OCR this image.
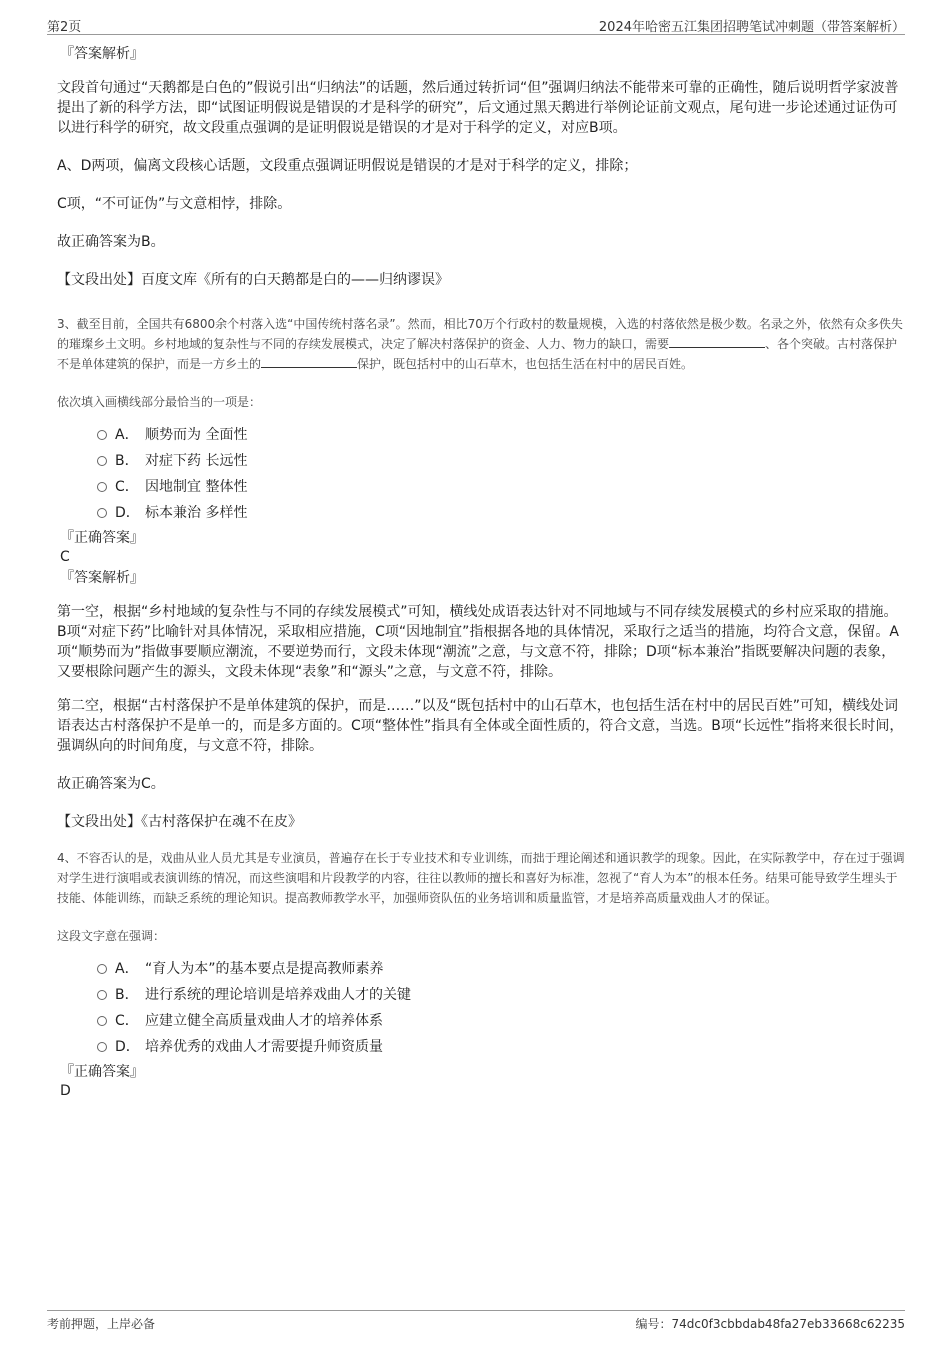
第2页	2024年哈密五江集团招聘笔试冲刺题（带答案解析）

『答案解析』

文段首句通过“天鹅都是白色的”假说引出“归纳法”的话题，然后通过转折词“但”强调归纳法不能带来可靠的正确性，随后说明哲学家波普提出了新的科学方法，即“试图证明假说是错误的才是科学的研究”，后文通过黑天鹅进行举例论证前文观点，尾句进一步论述通过证伪可以进行科学的研究，故文段重点强调的是证明假说是错误的才是对于科学的定义，对应B项。

A、D两项，偏离文段核心话题，文段重点强调证明假说是错误的才是对于科学的定义，排除；

C项，“不可证伪”与文意相悖，排除。

故正确答案为B。

【文段出处】百度文库《所有的白天鹅都是白的——归纳谬误》

3、截至目前，全国共有6800余个村落入选“中国传统村落名录”。然而，相比70万个行政村的数量规模，入选的村落依然是极少数。名录之外，依然有众多佚失的璀璨乡土文明。乡村地域的复杂性与不同的存续发展模式，决定了解决村落保护的资金、人力、物力的缺口，需要	、各个突破。古村落保护不是单体建筑的保护，而是一方乡土的	保护，既包括村中的山石草木，也包括生活在村中的居民百姓。

依次填入画横线部分最恰当的一项是：

A． 顺势而为 全面性
B． 对症下药 长远性
C． 因地制宜 整体性
D． 标本兼治 多样性

『正确答案』

C

『答案解析』

第一空，根据“乡村地域的复杂性与不同的存续发展模式”可知，横线处成语表达针对不同地域与不同存续发展模式的乡村应采取的措施。B项“对症下药”比喻针对具体情况，采取相应措施，C项“因地制宜”指根据各地的具体情况，采取行之适当的措施，均符合文意，保留。A项“顺势而为”指做事要顺应潮流，不要逆势而行，文段未体现“潮流”之意，与文意不符，排除；D项“标本兼治”指既要解决问题的表象，又要根除问题产生的源头，文段未体现“表象”和“源头”之意，与文意不符，排除。

第二空，根据“古村落保护不是单体建筑的保护，而是……”以及“既包括村中的山石草木，也包括生活在村中的居民百姓”可知，横线处词语表达古村落保护不是单一的，而是多方面的。C项“整体性”指具有全体或全面性质的，符合文意，当选。B项“长远性”指将来很长时间，强调纵向的时间角度，与文意不符，排除。

故正确答案为C。

【文段出处】《古村落保护在魂不在皮》

4、不容否认的是，戏曲从业人员尤其是专业演员，普遍存在长于专业技术和专业训练，而拙于理论阐述和通识教学的现象。因此，在实际教学中，存在过于强调对学生进行演唱或表演训练的情况，而这些演唱和片段教学的内容，往往以教师的擅长和喜好为标准，忽视了“育人为本”的根本任务。结果可能导致学生埋头于技能、体能训练，而缺乏系统的理论知识。提高教师教学水平，加强师资队伍的业务培训和质量监管，才是培养高质量戏曲人才的保证。

这段文字意在强调：

A． “育人为本”的基本要点是提高教师素养
B． 进行系统的理论培训是培养戏曲人才的关键
C． 应建立健全高质量戏曲人才的培养体系
D． 培养优秀的戏曲人才需要提升师资质量

『正确答案』

D

考前押题，上岸必备	编号：74dc0f3cbbdab48fa27eb33668c62235
